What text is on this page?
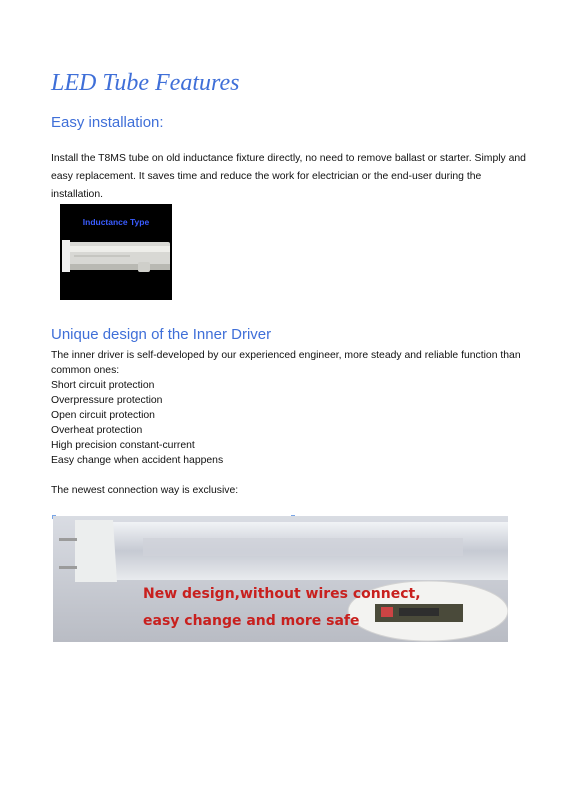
LED Tube Features
Easy installation:

Install the T8MS tube on old inductance fixture directly, no need to remove ballast or starter. Simply and easy replacement. It saves time and reduce the work for electrician or the end-user during the installation.

Inductance Type
Unique design of the Inner Driver

The inner driver is self-developed by our experienced engineer, more steady and reliable function than common ones:

Short circuit protection
Overpressure protection
Open circuit protection
Overheat protection
High precision constant-current
Easy change when accident happens

The newest connection way is exclusive:

New design,without wires connect,
easy change and more safe
